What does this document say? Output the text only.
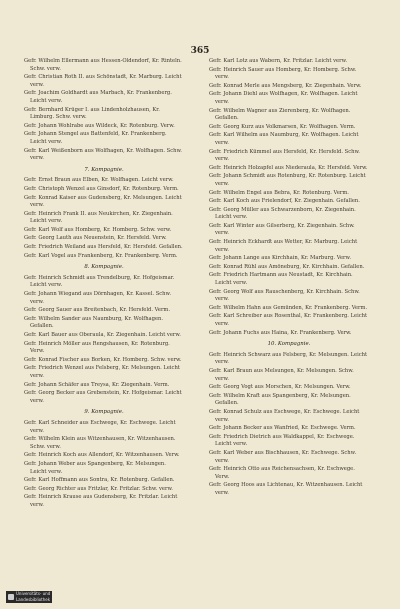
365
Gefr. Wilhelm Ellermann aus Hessen-Oldendorf, Kr. Rinteln. Schw. verw.
Gefr. Christian Roth II. aus Schönstadt, Kr. Marburg. Leicht verw.
Gefr. Joachim Goldhardt aus Marbach, Kr. Frankenberg. Leicht verw.
Gefr. Bernhard Krüger I. aus Lindenholzhausen, Kr. Limburg. Schw. verw.
Gefr. Johann Wohlrabe aus Wildeck, Kr. Rotenburg. Verw.
Gefr. Johann Stengel aus Battenfeld, Kr. Frankenberg. Leicht verw.
Gefr. Karl Weißenborn aus Wolfhagen, Kr. Wolfhagen. Schw. verw.
7. Kompagnie.
Gefr. Ernst Braun aus Elben, Kr. Wolfhagen. Leicht verw.
Gefr. Christoph Wenzel aus Ginsdorf, Kr. Rotenburg. Verm.
Gefr. Konrad Kaiser aus Gudensberg, Kr. Melsungen. Leicht verw.
Gefr. Heinrich Frank II. aus Neukirchen, Kr. Ziegenhain. Leicht verw.
Gefr. Karl Wolf aus Homberg, Kr. Homberg. Schw. verw.
Gefr. Georg Lauth aus Neuenstein, Kr. Hersfeld. Verw.
Gefr. Friedrich Weiland aus Hersfeld, Kr. Hersfeld. Gefallen.
Gefr. Karl Vogel aus Frankenberg, Kr. Frankenberg. Verm.
8. Kompagnie.
Gefr. Heinrich Schmidt aus Trendelburg, Kr. Hofgeismar. Leicht verw.
Gefr. Johann Wiegand aus Dörnhagen, Kr. Kassel. Schw. verw.
Gefr. Georg Sauer aus Breitenbach, Kr. Hersfeld. Verm.
Gefr. Wilhelm Sander aus Naumburg, Kr. Wolfhagen. Gefallen.
Gefr. Karl Bauer aus Oberaula, Kr. Ziegenhain. Leicht verw.
Gefr. Heinrich Möller aus Rengshausen, Kr. Rotenburg. Verw.
Gefr. Konrad Fischer aus Borken, Kr. Homberg. Schw. verw.
Gefr. Friedrich Wenzel aus Felsberg, Kr. Melsungen. Leicht verw.
Gefr. Johann Schäfer aus Treysa, Kr. Ziegenhain. Verm.
Gefr. Georg Becker aus Grebenstein, Kr. Hofgeismar. Leicht verw.
9. Kompagnie.
Gefr. Karl Schneider aus Eschwege, Kr. Eschwege. Leicht verw.
Gefr. Wilhelm Klein aus Witzenhausen, Kr. Witzenhausen. Schw. verw.
Gefr. Heinrich Koch aus Allendorf, Kr. Witzenhausen. Verw.
Gefr. Johann Weber aus Spangenberg, Kr. Melsungen. Leicht verw.
Gefr. Karl Hoffmann aus Sontra, Kr. Rotenburg. Gefallen.
Gefr. Georg Richter aus Fritzlar, Kr. Fritzlar. Schw. verw.
Gefr. Heinrich Krause aus Gudensberg, Kr. Fritzlar. Leicht verw.
Gefr. Karl Lotz aus Wabern, Kr. Fritzlar. Leicht verw.
Gefr. Heinrich Sauer aus Homberg, Kr. Homberg. Schw. verw.
Gefr. Konrad Merle aus Mengsberg, Kr. Ziegenhain. Verw.
Gefr. Johann Diehl aus Wolfhagen, Kr. Wolfhagen. Leicht verw.
Gefr. Wilhelm Wagner aus Zierenberg, Kr. Wolfhagen. Gefallen.
Gefr. Georg Kurz aus Volkmarsen, Kr. Wolfhagen. Verm.
Gefr. Karl Wilhelm aus Naumburg, Kr. Wolfhagen. Leicht verw.
Gefr. Friedrich Kümmel aus Hersfeld, Kr. Hersfeld. Schw. verw.
Gefr. Heinrich Holzapfel aus Niederaula, Kr. Hersfeld. Verw.
Gefr. Johann Schmidt aus Rotenburg, Kr. Rotenburg. Leicht verw.
Gefr. Wilhelm Engel aus Bebra, Kr. Rotenburg. Verm.
Gefr. Karl Koch aus Frielendorf, Kr. Ziegenhain. Gefallen.
Gefr. Georg Müller aus Schwarzenborn, Kr. Ziegenhain. Leicht verw.
Gefr. Karl Winter aus Gilserberg, Kr. Ziegenhain. Schw. verw.
Gefr. Heinrich Eckhardt aus Wetter, Kr. Marburg. Leicht verw.
Gefr. Johann Lange aus Kirchhain, Kr. Marburg. Verw.
Gefr. Konrad Rühl aus Amöneburg, Kr. Kirchhain. Gefallen.
Gefr. Friedrich Hartmann aus Neustadt, Kr. Kirchhain. Leicht verw.
Gefr. Georg Wolf aus Rauschenberg, Kr. Kirchhain. Schw. verw.
Gefr. Wilhelm Hahn aus Gemünden, Kr. Frankenberg. Verm.
Gefr. Karl Schreiber aus Rosenthal, Kr. Frankenberg. Leicht verw.
Gefr. Johann Fuchs aus Haina, Kr. Frankenberg. Verw.
10. Kompagnie.
Gefr. Heinrich Schwarz aus Felsberg, Kr. Melsungen. Leicht verw.
Gefr. Karl Braun aus Melsungen, Kr. Melsungen. Schw. verw.
Gefr. Georg Vogt aus Morschen, Kr. Melsungen. Verw.
Gefr. Wilhelm Kraft aus Spangenberg, Kr. Melsungen. Gefallen.
Gefr. Konrad Schulz aus Eschwege, Kr. Eschwege. Leicht verw.
Gefr. Johann Becker aus Wanfried, Kr. Eschwege. Verm.
Gefr. Friedrich Dietrich aus Waldkappel, Kr. Eschwege. Leicht verw.
Gefr. Karl Weber aus Bischhausen, Kr. Eschwege. Schw. verw.
Gefr. Heinrich Otto aus Reichensachsen, Kr. Eschwege. Verw.
Gefr. Georg Hoos aus Lichtenau, Kr. Witzenhausen. Leicht verw.
Universitäts- und Landesbibliothek
